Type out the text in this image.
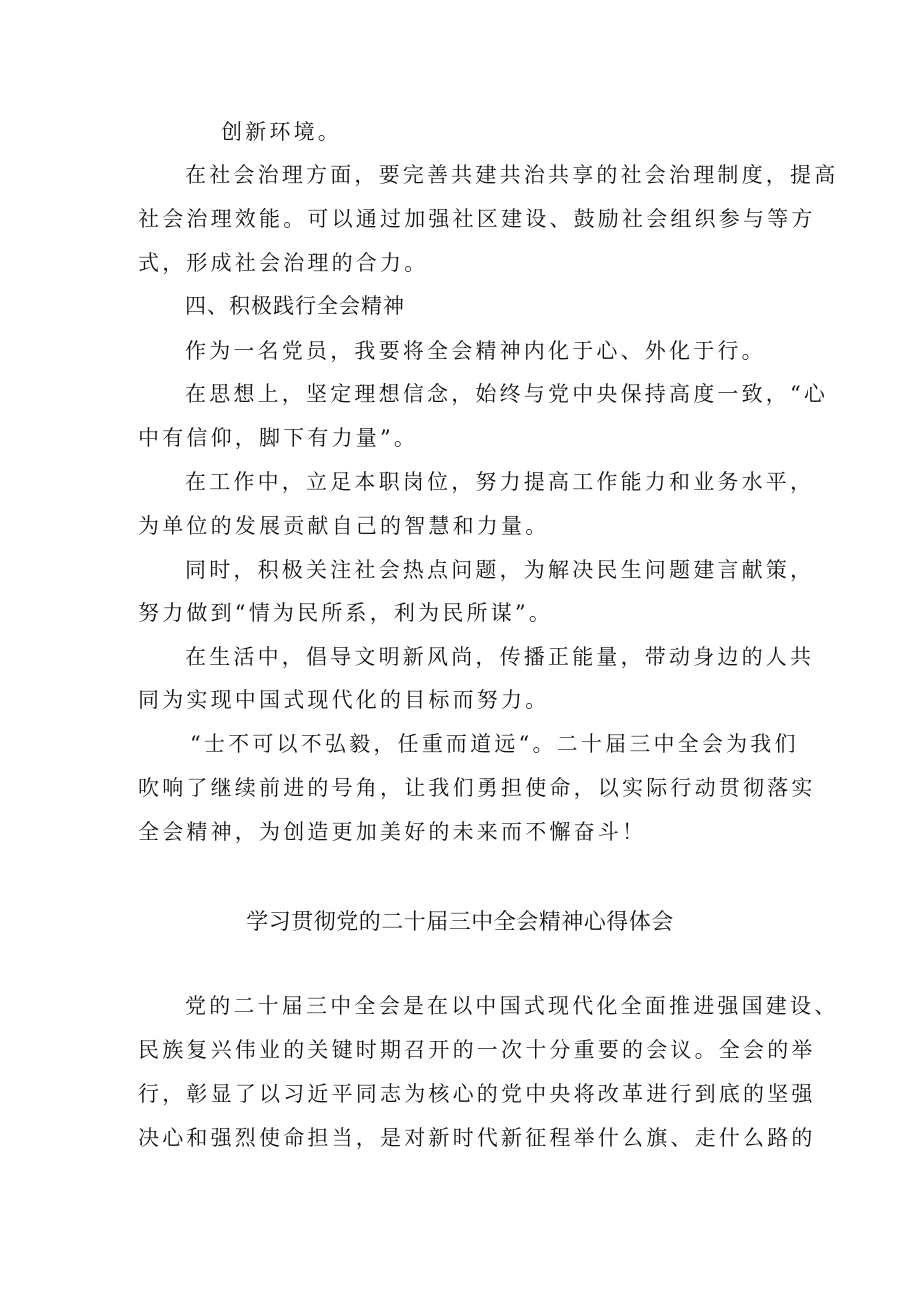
创新环境。
在社会治理方面，要完善共建共治共享的社会治理制度，提高
社会治理效能。可以通过加强社区建设、鼓励社会组织参与等方
式，形成社会治理的合力。
四、积极践行全会精神
作为一名党员，我要将全会精神内化于心、外化于行。
在思想上，坚定理想信念，始终与党中央保持高度一致，“心
中有信仰，脚下有力量”。
在工作中，立足本职岗位，努力提高工作能力和业务水平，
为单位的发展贡献自己的智慧和力量。
同时，积极关注社会热点问题，为解决民生问题建言献策，
努力做到“情为民所系，利为民所谋”。
在生活中，倡导文明新风尚，传播正能量，带动身边的人共
同为实现中国式现代化的目标而努力。
“士不可以不弘毅，任重而道远“。二十届三中全会为我们
吹响了继续前进的号角，让我们勇担使命，以实际行动贯彻落实
全会精神，为创造更加美好的未来而不懈奋斗！
学习贯彻党的二十届三中全会精神心得体会
党的二十届三中全会是在以中国式现代化全面推进强国建设、
民族复兴伟业的关键时期召开的一次十分重要的会议。全会的举
行，彰显了以习近平同志为核心的党中央将改革进行到底的坚强
决心和强烈使命担当，是对新时代新征程举什么旗、走什么路的
